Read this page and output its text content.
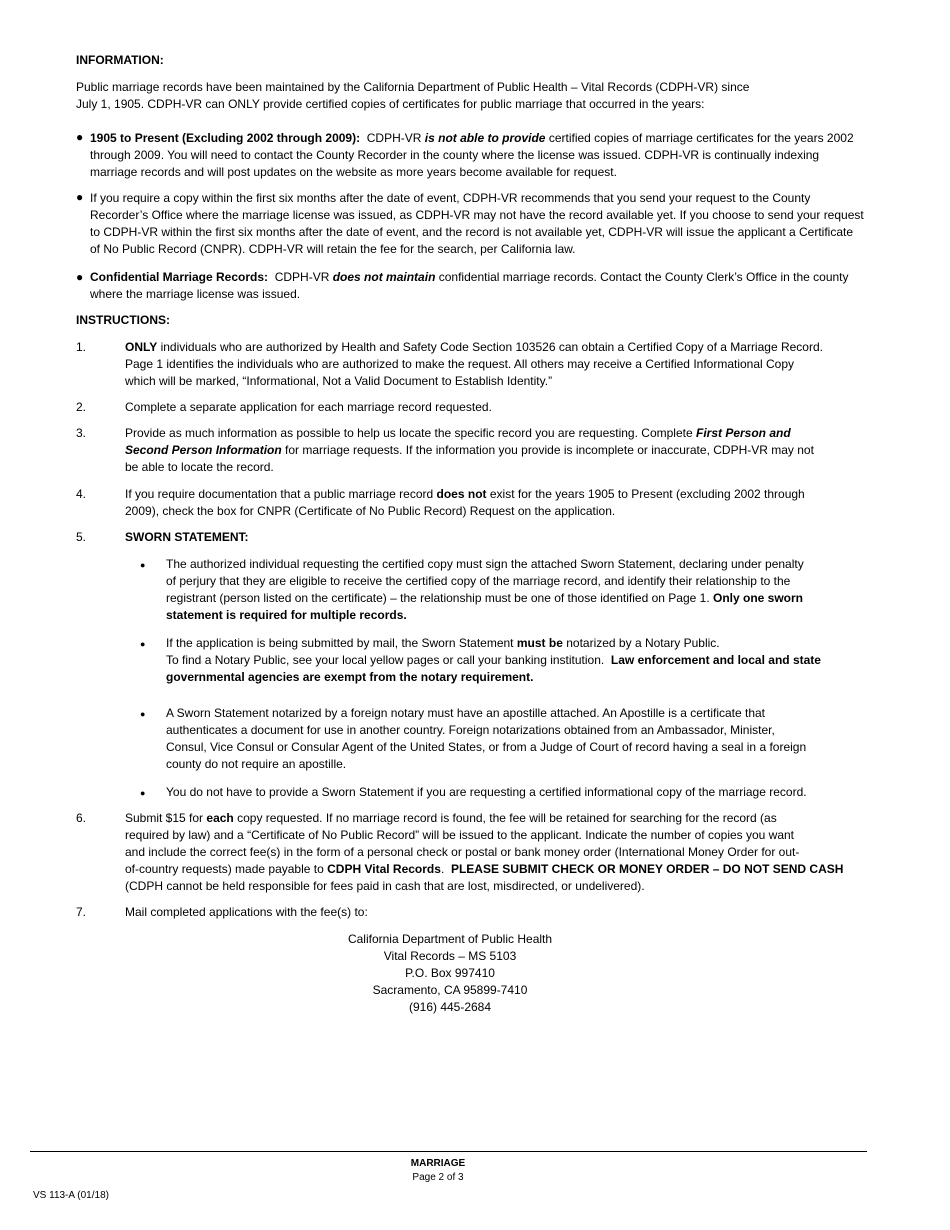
INFORMATION:
Public marriage records have been maintained by the California Department of Public Health – Vital Records (CDPH-VR) since
July 1, 1905. CDPH-VR can ONLY provide certified copies of certificates for public marriage that occurred in the years:
● 1905 to Present (Excluding 2002 through 2009): CDPH-VR is not able to provide certified copies of marriage certificates for the years 2002
through 2009. You will need to contact the County Recorder in the county where the license was issued. CDPH-VR is continually indexing
marriage records and will post updates on the website as more years become available for request.
● If you require a copy within the first six months after the date of event, CDPH-VR recommends that you send your request to the County
Recorder’s Office where the marriage license was issued, as CDPH-VR may not have the record available yet. If you choose to send your request
to CDPH-VR within the first six months after the date of event, and the record is not available yet, CDPH-VR will issue the applicant a Certificate
of No Public Record (CNPR). CDPH-VR will retain the fee for the search, per California law.
● Confidential Marriage Records: CDPH-VR does not maintain confidential marriage records. Contact the County Clerk’s Office in the county
where the marriage license was issued.
INSTRUCTIONS:
1.	ONLY individuals who are authorized by Health and Safety Code Section 103526 can obtain a Certified Copy of a Marriage Record.
Page 1 identifies the individuals who are authorized to make the request. All others may receive a Certified Informational Copy
which will be marked, “Informational, Not a Valid Document to Establish Identity.”
2.	Complete a separate application for each marriage record requested.
3.	Provide as much information as possible to help us locate the specific record you are requesting. Complete First Person and
Second Person Information for marriage requests. If the information you provide is incomplete or inaccurate, CDPH-VR may not
be able to locate the record.
4.	If you require documentation that a public marriage record does not exist for the years 1905 to Present (excluding 2002 through
2009), check the box for CNPR (Certificate of No Public Record) Request on the application.
5.	SWORN STATEMENT:
● The authorized individual requesting the certified copy must sign the attached Sworn Statement, declaring under penalty
of perjury that they are eligible to receive the certified copy of the marriage record, and identify their relationship to the
registrant (person listed on the certificate) – the relationship must be one of those identified on Page 1. Only one sworn
statement is required for multiple records.
● If the application is being submitted by mail, the Sworn Statement must be notarized by a Notary Public.
To find a Notary Public, see your local yellow pages or call your banking institution. Law enforcement and local and state
governmental agencies are exempt from the notary requirement.
● A Sworn Statement notarized by a foreign notary must have an apostille attached. An Apostille is a certificate that
authenticates a document for use in another country. Foreign notarizations obtained from an Ambassador, Minister,
Consul, Vice Consul or Consular Agent of the United States, or from a Judge of Court of record having a seal in a foreign
county do not require an apostille.
● You do not have to provide a Sworn Statement if you are requesting a certified informational copy of the marriage record.
6.	Submit $15 for each copy requested. If no marriage record is found, the fee will be retained for searching for the record (as
required by law) and a “Certificate of No Public Record” will be issued to the applicant. Indicate the number of copies you want
and include the correct fee(s) in the form of a personal check or postal or bank money order (International Money Order for out-
of-country requests) made payable to CDPH Vital Records.  PLEASE SUBMIT CHECK OR MONEY ORDER – DO NOT SEND CASH
(CDPH cannot be held responsible for fees paid in cash that are lost, misdirected, or undelivered).
7.	Mail completed applications with the fee(s) to:
California Department of Public Health
Vital Records – MS 5103
P.O. Box 997410
Sacramento, CA 95899-7410
(916) 445-2684
MARRIAGE
Page 2 of 3
VS 113-A (01/18)
